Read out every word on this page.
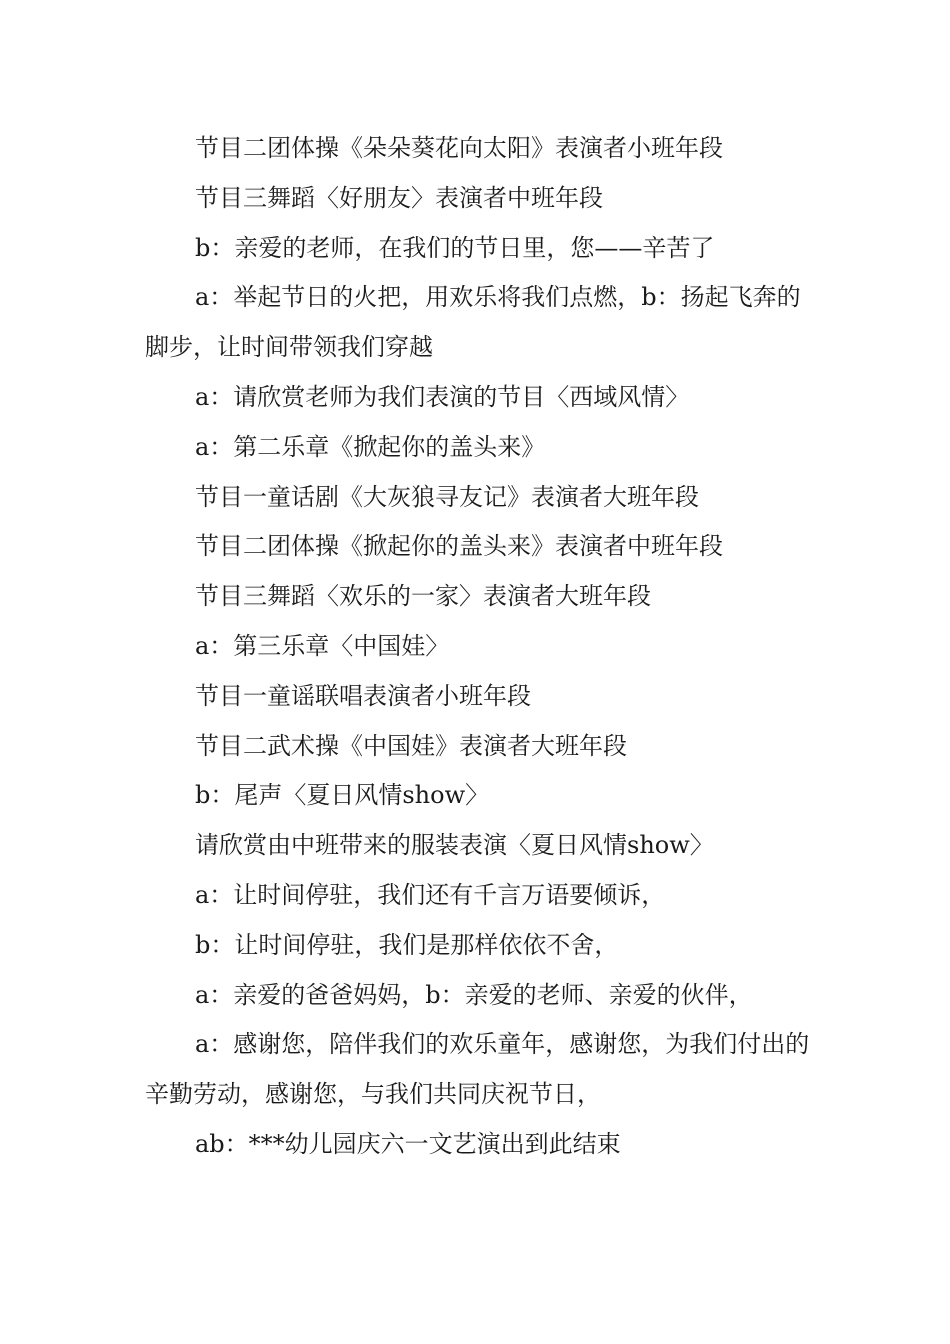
节目二团体操《朵朵葵花向太阳》表演者小班年段

节目三舞蹈〈好朋友〉表演者中班年段

b：亲爱的老师，在我们的节日里，您——辛苦了

a：举起节日的火把，用欢乐将我们点燃，b：扬起飞奔的脚步，让时间带领我们穿越

a：请欣赏老师为我们表演的节目〈西域风情〉

a：第二乐章《掀起你的盖头来》

节目一童话剧《大灰狼寻友记》表演者大班年段

节目二团体操《掀起你的盖头来》表演者中班年段

节目三舞蹈〈欢乐的一家〉表演者大班年段

a：第三乐章〈中国娃〉

节目一童谣联唱表演者小班年段

节目二武术操《中国娃》表演者大班年段

b：尾声〈夏日风情show〉

请欣赏由中班带来的服装表演〈夏日风情show〉

a：让时间停驻，我们还有千言万语要倾诉，

b：让时间停驻，我们是那样依依不舍，

a：亲爱的爸爸妈妈，b：亲爱的老师、亲爱的伙伴，

a：感谢您，陪伴我们的欢乐童年，感谢您，为我们付出的辛勤劳动，感谢您，与我们共同庆祝节日，

ab：***幼儿园庆六一文艺演出到此结束
